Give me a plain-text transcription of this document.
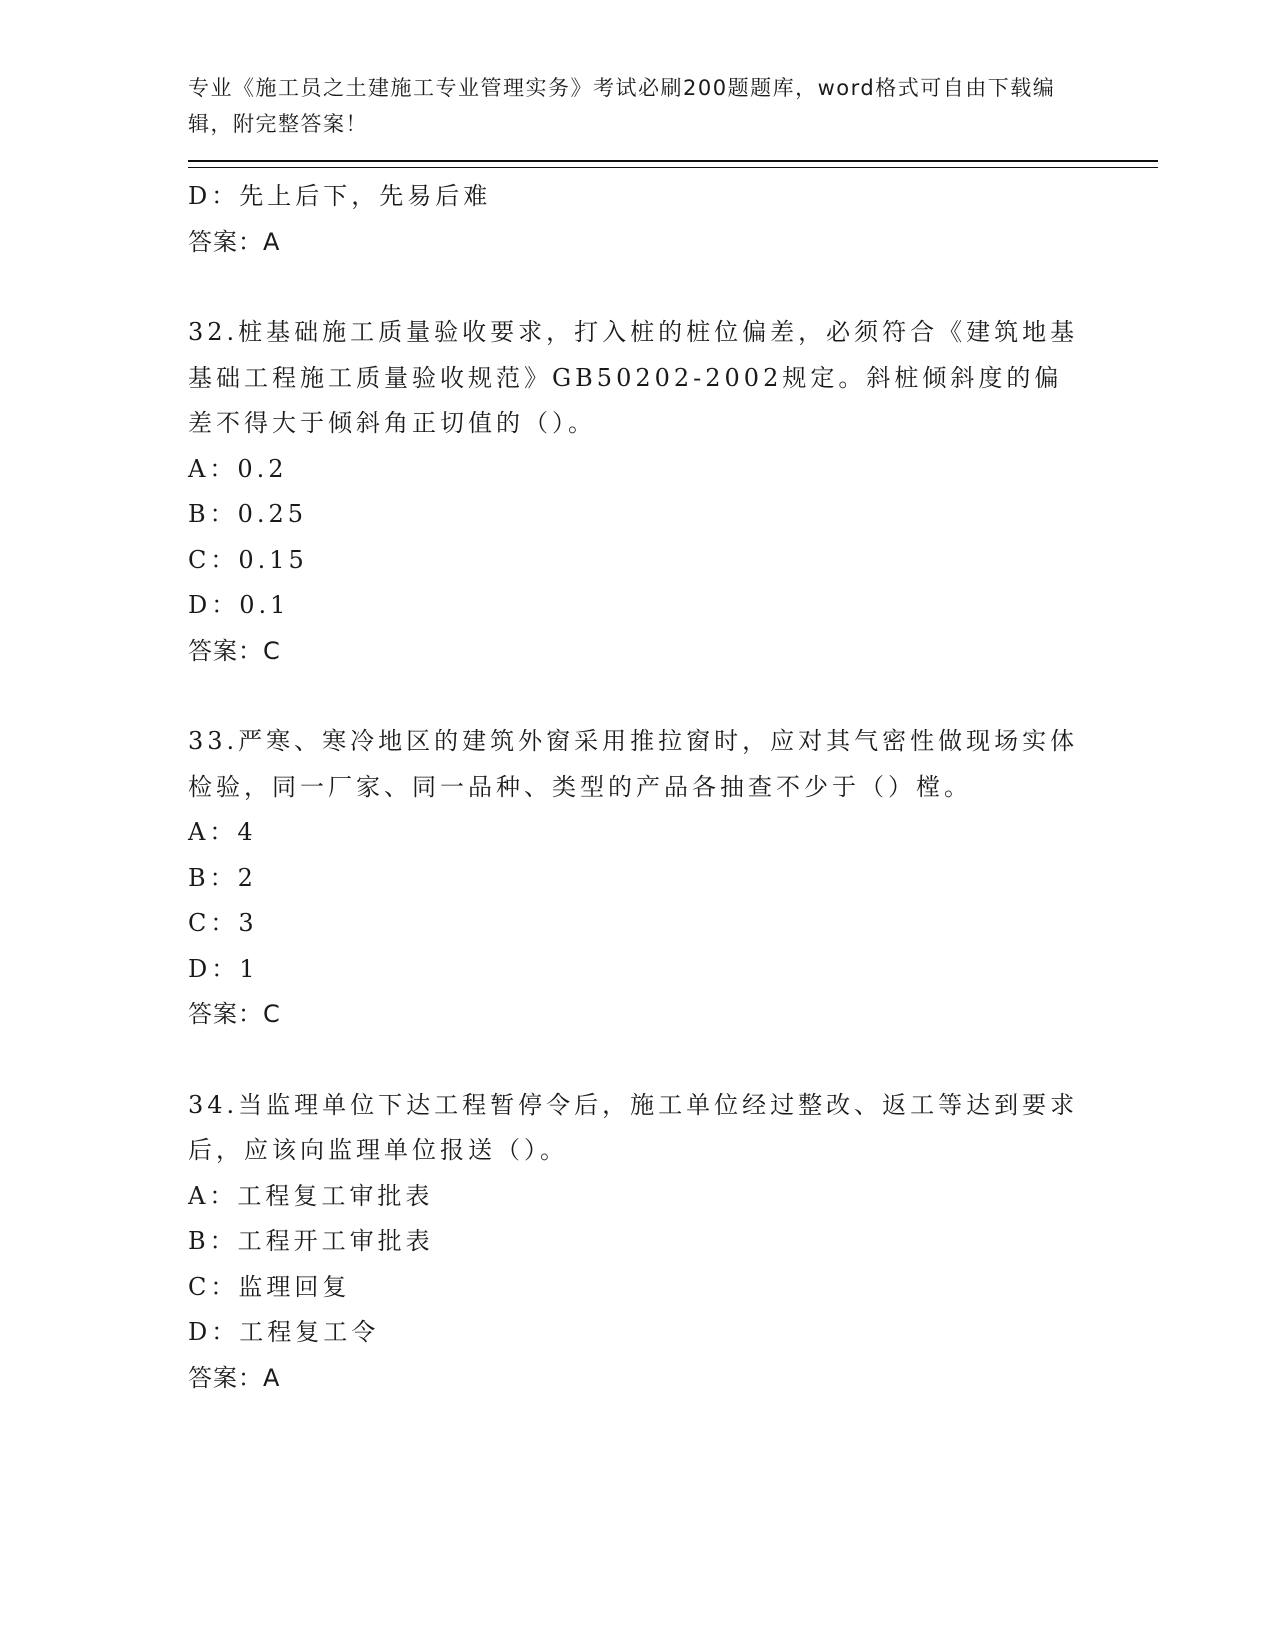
专业《施工员之土建施工专业管理实务》考试必刷200题题库，word格式可自由下载编辑，附完整答案！

D：先上后下，先易后难

答案：A

32.桩基础施工质量验收要求，打入桩的桩位偏差，必须符合《建筑地基基础工程施工质量验收规范》GB50202-2002规定。斜桩倾斜度的偏差不得大于倾斜角正切值的（）。

A：0.2

B：0.25

C：0.15

D：0.1

答案：C

33.严寒、寒冷地区的建筑外窗采用推拉窗时，应对其气密性做现场实体检验，同一厂家、同一品种、类型的产品各抽查不少于（）樘。

A：4

B：2

C：3

D：1

答案：C

34.当监理单位下达工程暂停令后，施工单位经过整改、返工等达到要求后，应该向监理单位报送（）。

A：工程复工审批表

B：工程开工审批表

C：监理回复

D：工程复工令

答案：A
